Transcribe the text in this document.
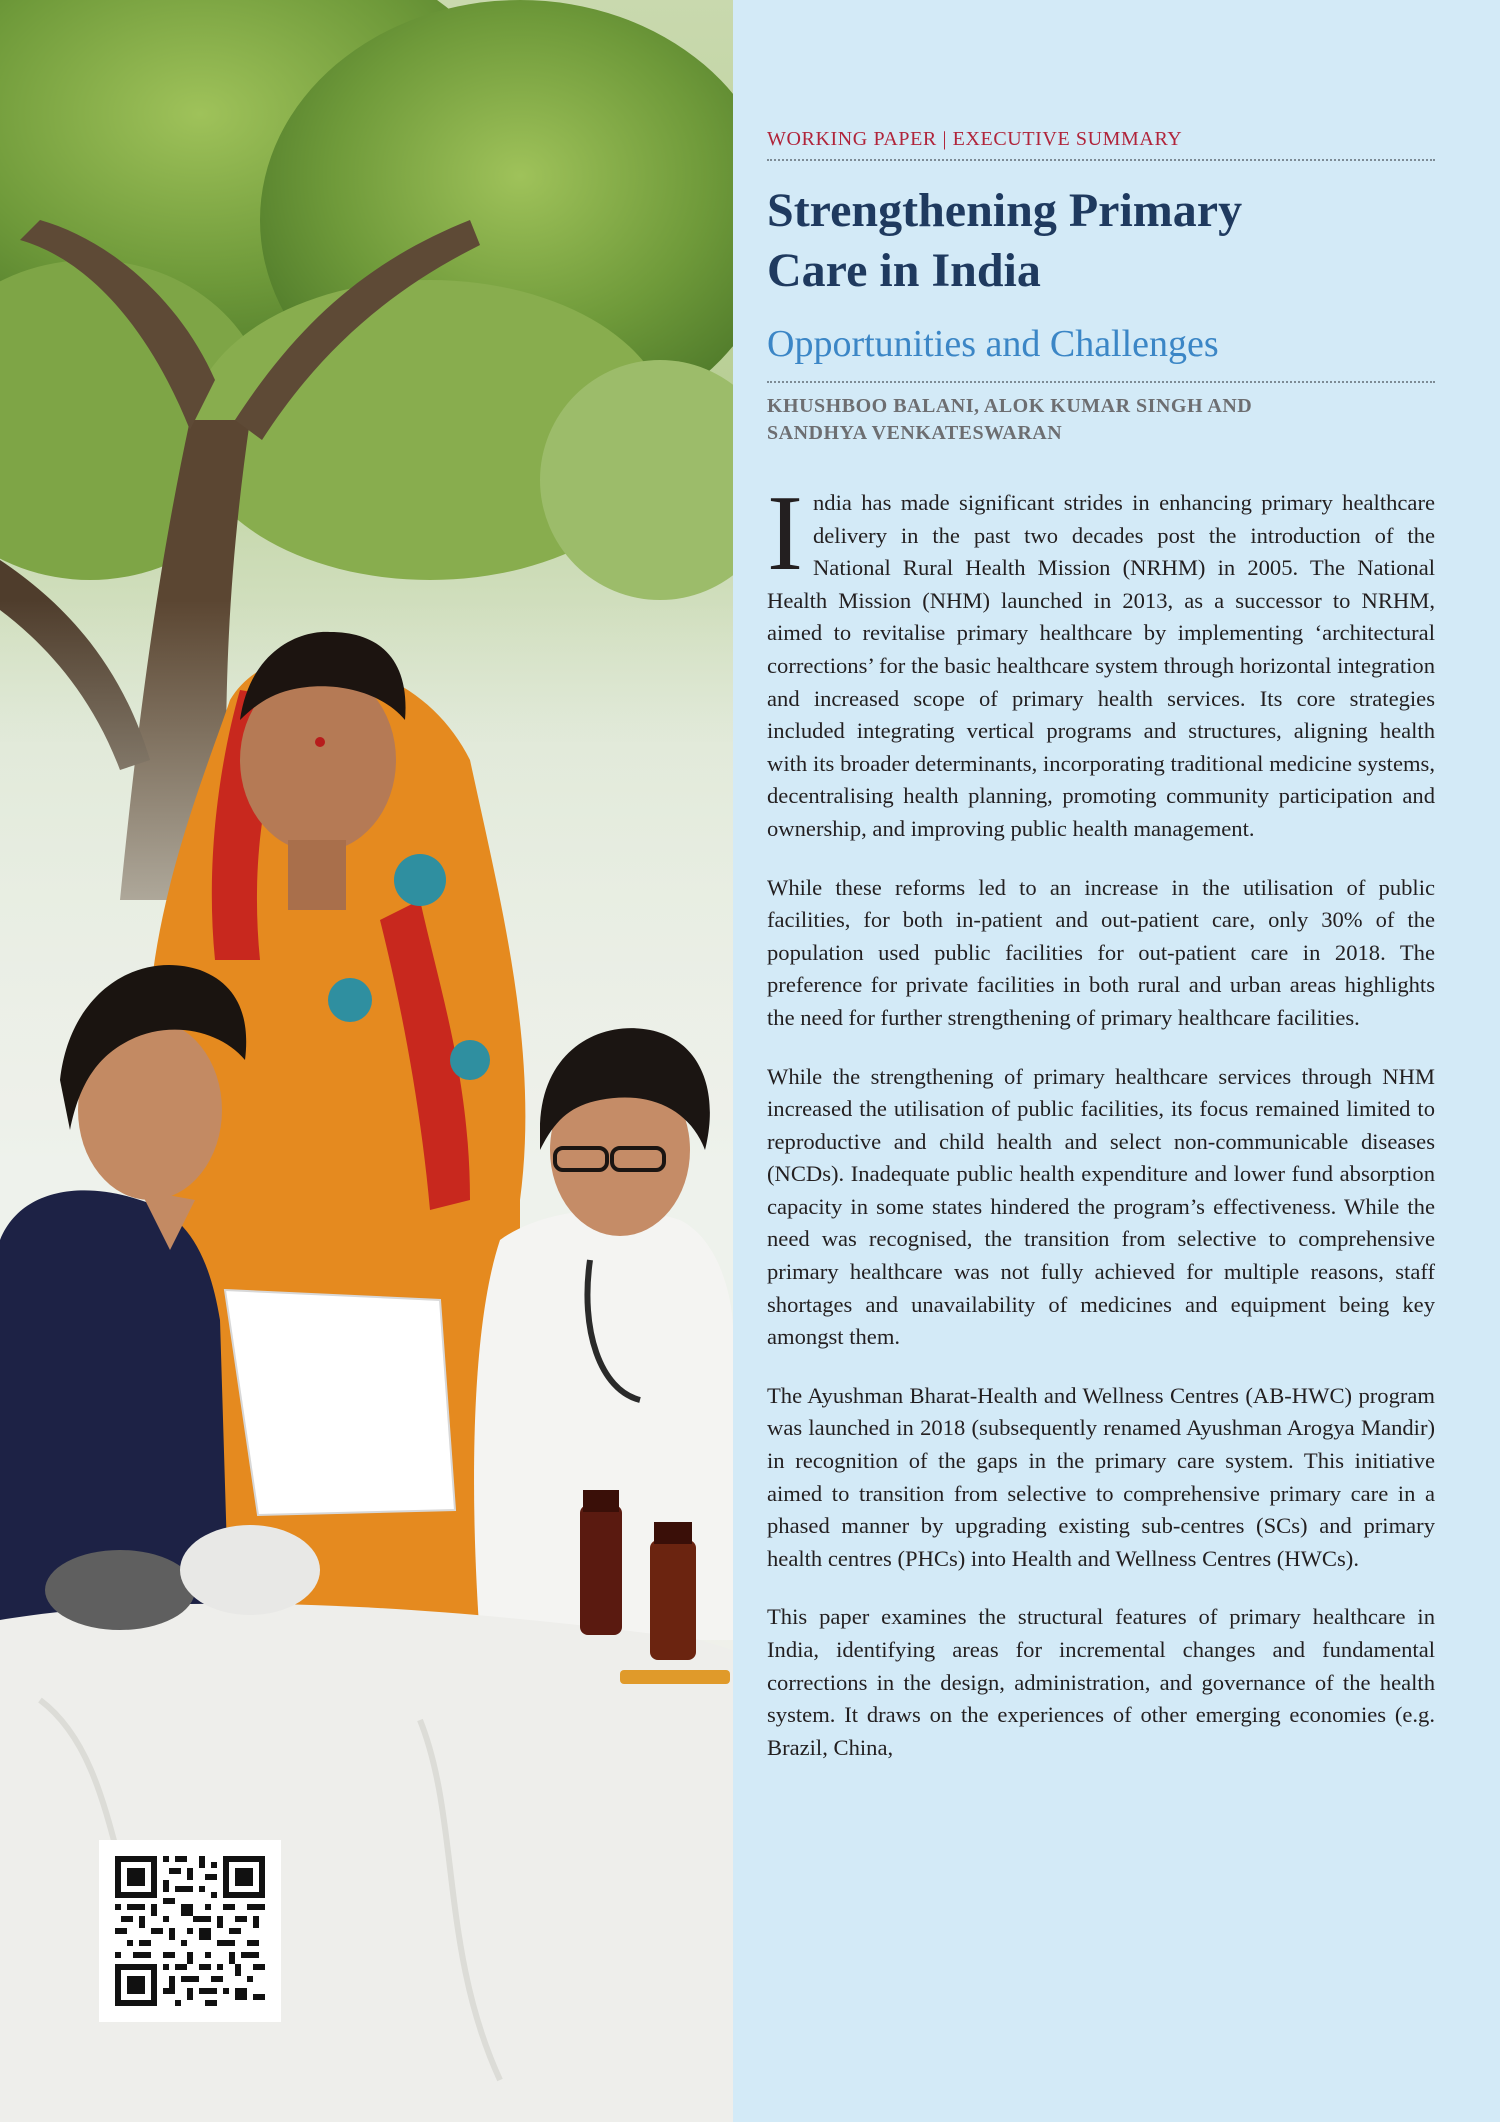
WORKING PAPER | EXECUTIVE SUMMARY
Strengthening Primary
Care in India
Opportunities and Challenges
KHUSHBOO BALANI, ALOK KUMAR SINGH AND
SANDHYA VENKATESWARAN

India has made significant strides in enhancing primary healthcare delivery in the past two decades post the introduction of the National Rural Health Mission (NRHM) in 2005. The National Health Mission (NHM) launched in 2013, as a successor to NRHM, aimed to revitalise primary healthcare by implementing ‘architectural corrections’ for the basic healthcare system through horizontal integration and increased scope of primary health services. Its core strategies included integrating vertical programs and structures, aligning health with its broader determinants, incorporating traditional medicine systems, decentralising health planning, promoting community participation and ownership, and improving public health management.

While these reforms led to an increase in the utilisation of public facilities, for both in-patient and out-patient care, only 30% of the population used public facilities for out-patient care in 2018. The preference for private facilities in both rural and urban areas highlights the need for further strengthening of primary healthcare facilities.

While the strengthening of primary healthcare services through NHM increased the utilisation of public facilities, its focus remained limited to reproductive and child health and select non-communicable diseases (NCDs). Inadequate public health expenditure and lower fund absorption capacity in some states hindered the program’s effectiveness. While the need was recognised, the transition from selective to comprehensive primary healthcare was not fully achieved for multiple reasons, staff shortages and unavailability of medicines and equipment being key amongst them.

The Ayushman Bharat-Health and Wellness Centres (AB-HWC) program was launched in 2018 (subsequently renamed Ayushman Arogya Mandir) in recognition of the gaps in the primary care system. This initiative aimed to transition from selective to comprehensive primary care in a phased manner by upgrading existing sub-centres (SCs) and primary health centres (PHCs) into Health and Wellness Centres (HWCs).

This paper examines the structural features of primary healthcare in India, identifying areas for incremental changes and fundamental corrections in the design, administration, and governance of the health system. It draws on the experiences of other emerging economies (e.g. Brazil, China,
